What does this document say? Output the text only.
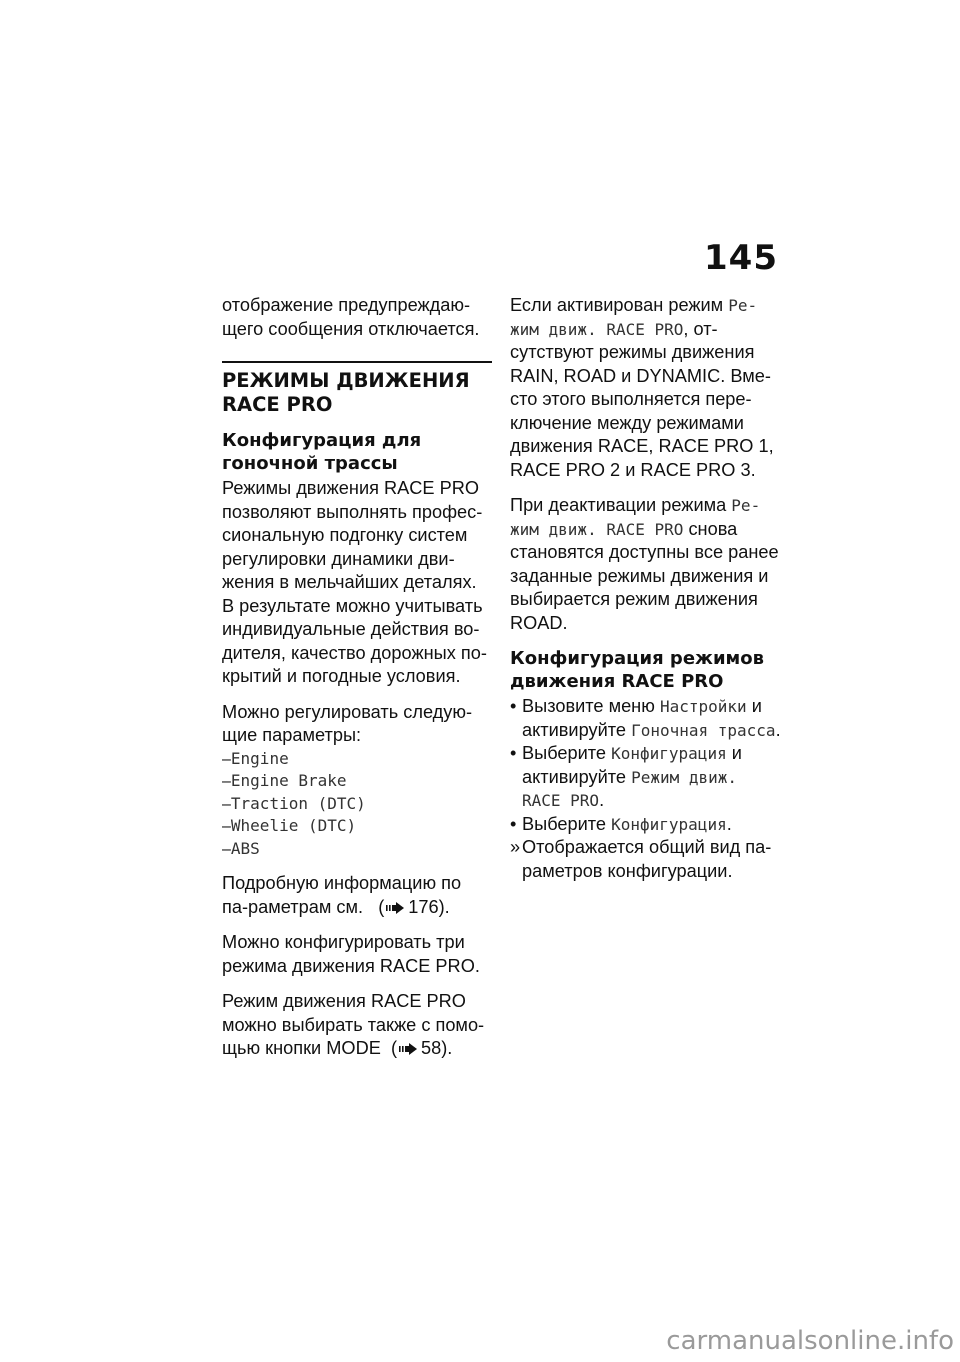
145

отображение предупреждаю-щего сообщения отключается.

РЕЖИМЫ ДВИЖЕНИЯ RACE PRO
Конфигурация для гоночной трассы

Режимы движения RACE PRO позволяют выполнять профес-сиональную подгонку систем регулировки динамики дви-жения в мельчайших деталях. В результате можно учитывать индивидуальные действия во-дителя, качество дорожных по-крытий и погодные условия.

Можно регулировать следую-щие параметры:

–Engine
–Engine Brake
–Traction (DTC)
–Wheelie (DTC)
–ABS

Подробную информацию по па-раметрам см. ( 176).

Можно конфигурировать три режима движения RACE PRO.

Режим движения RACE PRO можно выбирать также с помо-щью кнопки MODE ( 58).

Если активирован режим Ре-жим движ. RACE PRO, от-сутствуют режимы движения RAIN, ROAD и DYNAMIC. Вме-сто этого выполняется пере-ключение между режимами движения RACE, RACE PRO 1, RACE PRO 2 и RACE PRO 3.

При деактивации режима Ре-жим движ. RACE PRO снова становятся доступны все ранее заданные режимы движения и выбирается режим движения ROAD.

Конфигурация режимов движения RACE PRO
• Вызовите меню Настройки и активируйте Гоночная трасса.
• Выберите Конфигурация и активируйте Режим движ. RACE PRO.
• Выберите Конфигурация.
» Отображается общий вид па-раметров конфигурации.
carmanualsonline.info
